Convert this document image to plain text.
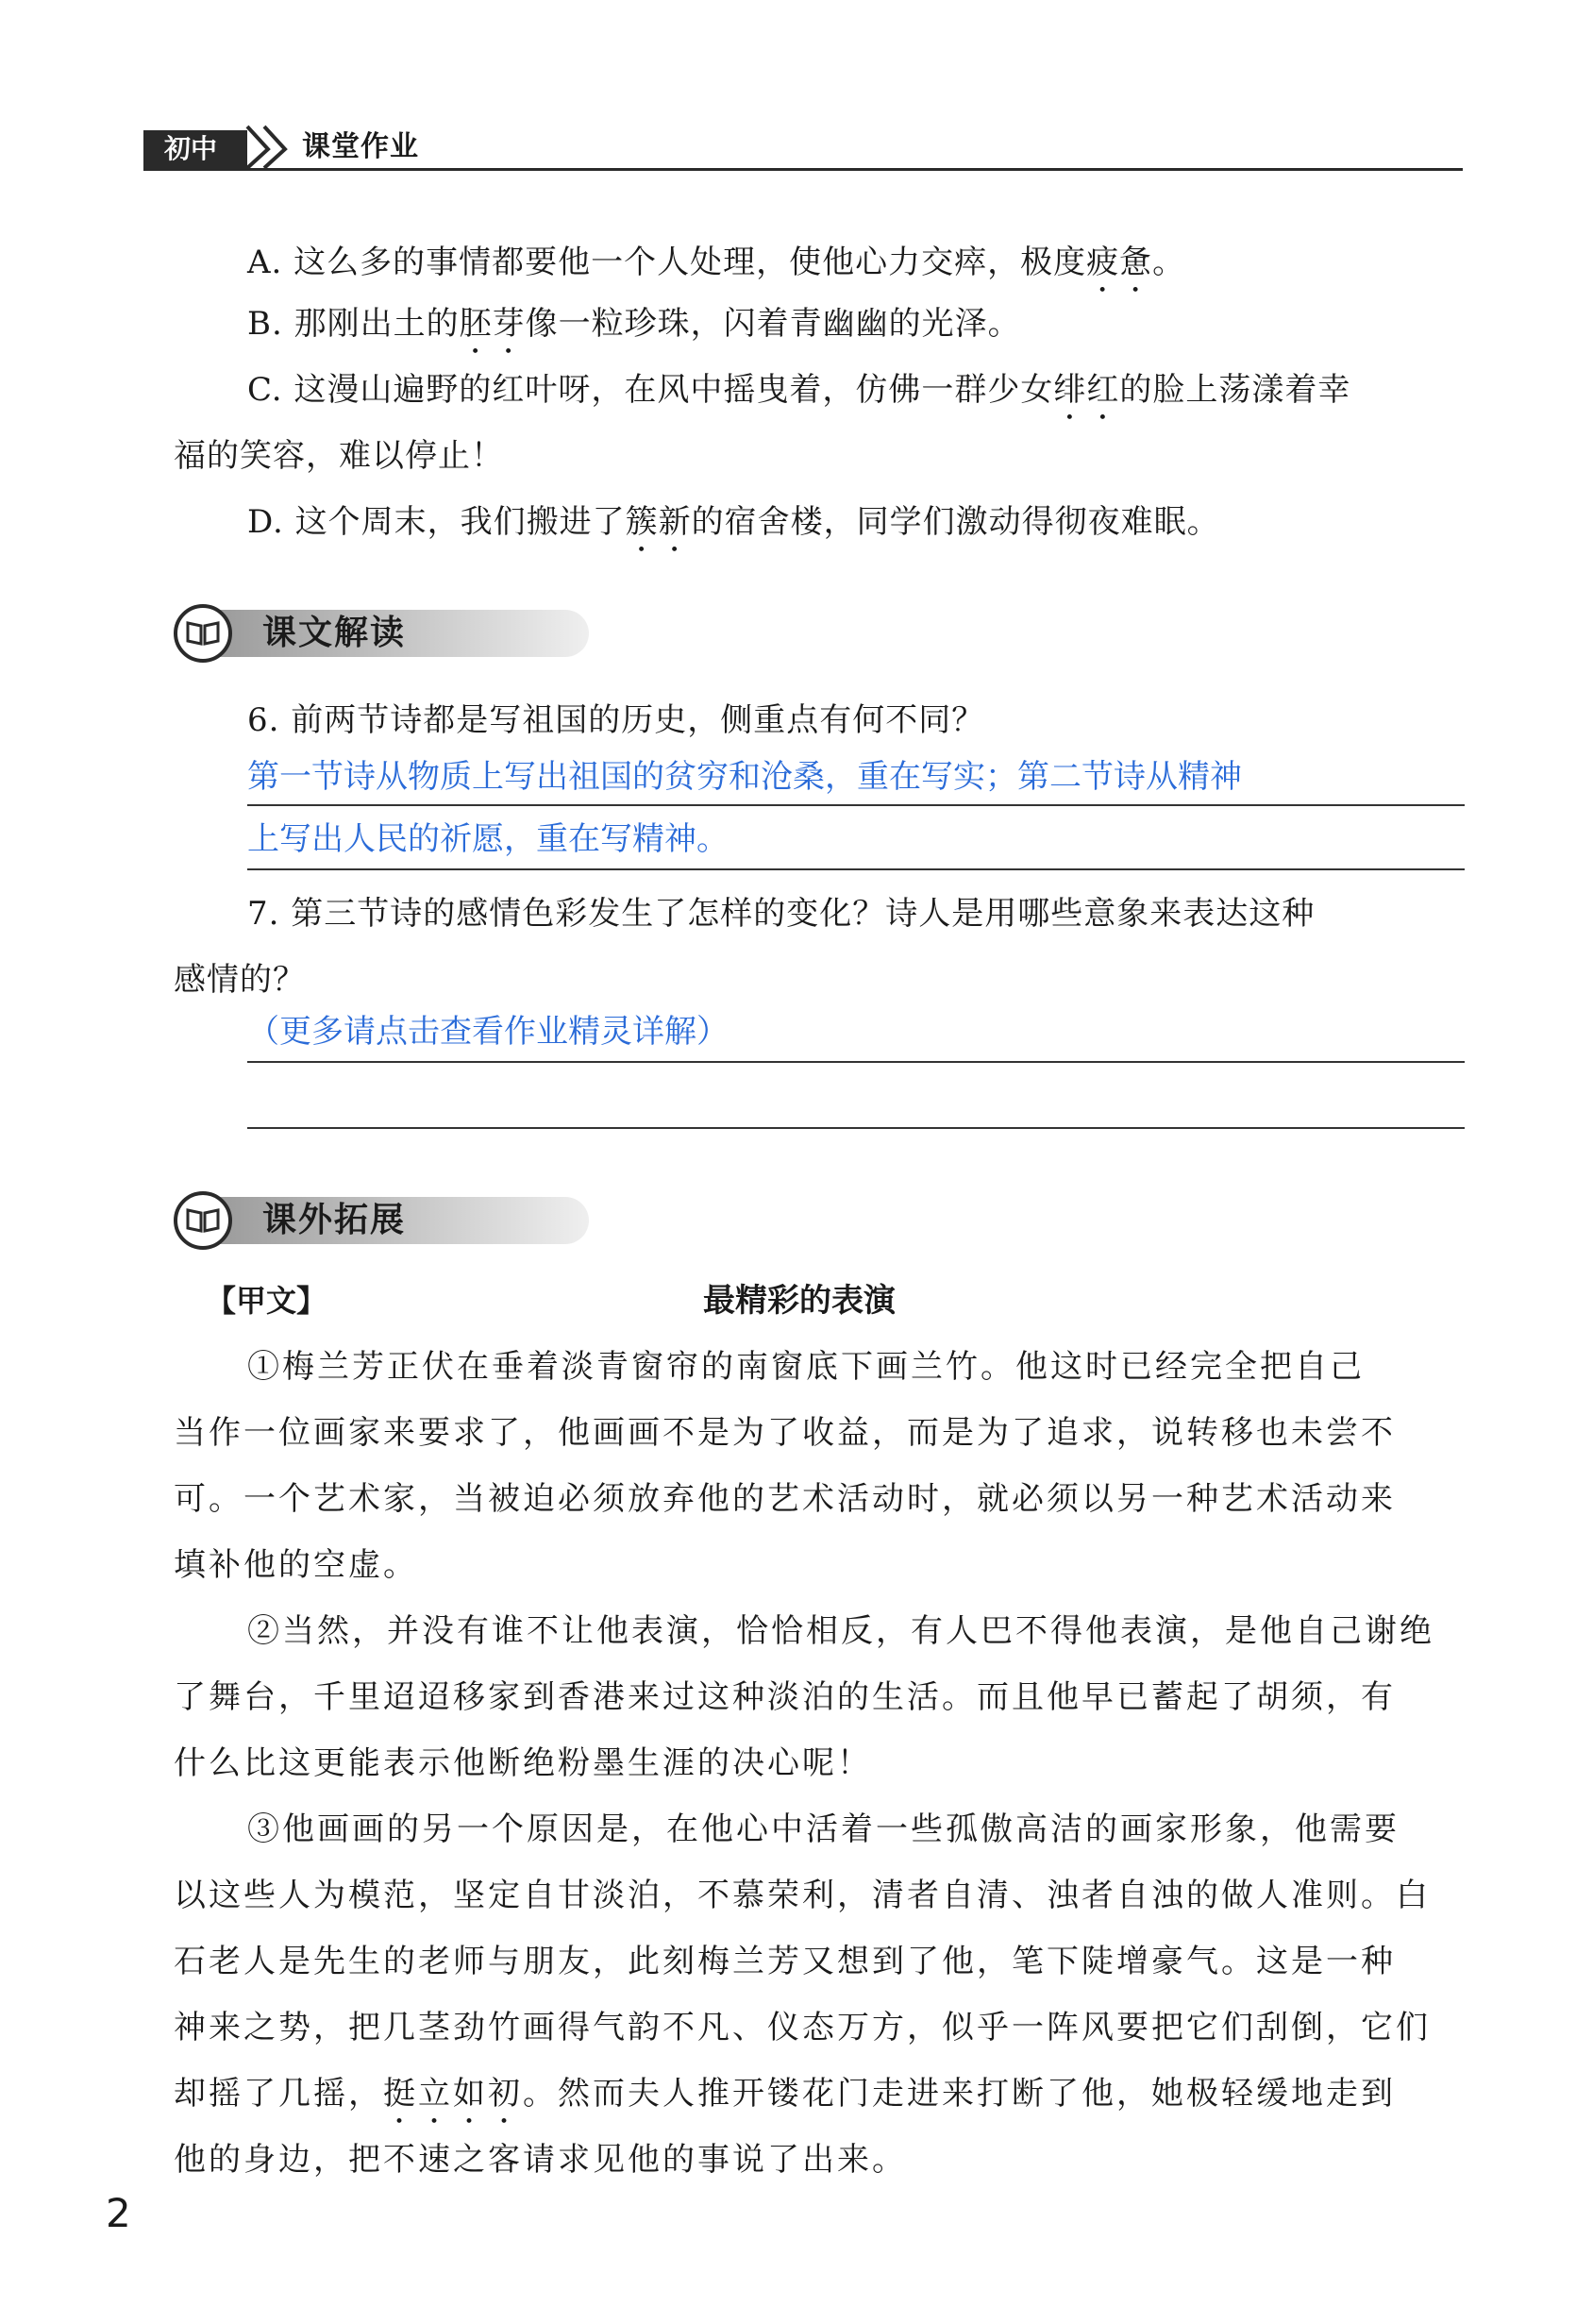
初中	课堂作业
A. 这么多的事情都要他一个人处理，使他心力交瘁，极度疲惫。
B. 那刚出土的胚芽像一粒珍珠，闪着青幽幽的光泽。
C. 这漫山遍野的红叶呀，在风中摇曳着，仿佛一群少女绯红的脸上荡漾着幸
福的笑容，难以停止！
D. 这个周末，我们搬进了簇新的宿舍楼，同学们激动得彻夜难眠。
课文解读
6. 前两节诗都是写祖国的历史，侧重点有何不同？
第一节诗从物质上写出祖国的贫穷和沧桑，重在写实；第二节诗从精神
上写出人民的祈愿，重在写精神。
7. 第三节诗的感情色彩发生了怎样的变化？诗人是用哪些意象来表达这种
感情的？
（更多请点击查看作业精灵详解）
课外拓展
【甲文】	最精彩的表演
①梅兰芳正伏在垂着淡青窗帘的南窗底下画兰竹。他这时已经完全把自己
当作一位画家来要求了，他画画不是为了收益，而是为了追求，说转移也未尝不
可。一个艺术家，当被迫必须放弃他的艺术活动时，就必须以另一种艺术活动来
填补他的空虚。
②当然，并没有谁不让他表演，恰恰相反，有人巴不得他表演，是他自己谢绝
了舞台，千里迢迢移家到香港来过这种淡泊的生活。而且他早已蓄起了胡须，有
什么比这更能表示他断绝粉墨生涯的决心呢！
③他画画的另一个原因是，在他心中活着一些孤傲高洁的画家形象，他需要
以这些人为模范，坚定自甘淡泊，不慕荣利，清者自清、浊者自浊的做人准则。白
石老人是先生的老师与朋友，此刻梅兰芳又想到了他，笔下陡增豪气。这是一种
神来之势，把几茎劲竹画得气韵不凡、仪态万方，似乎一阵风要把它们刮倒，它们
却摇了几摇，挺立如初。然而夫人推开镂花门走进来打断了他，她极轻缓地走到
他的身边，把不速之客请求见他的事说了出来。
2
